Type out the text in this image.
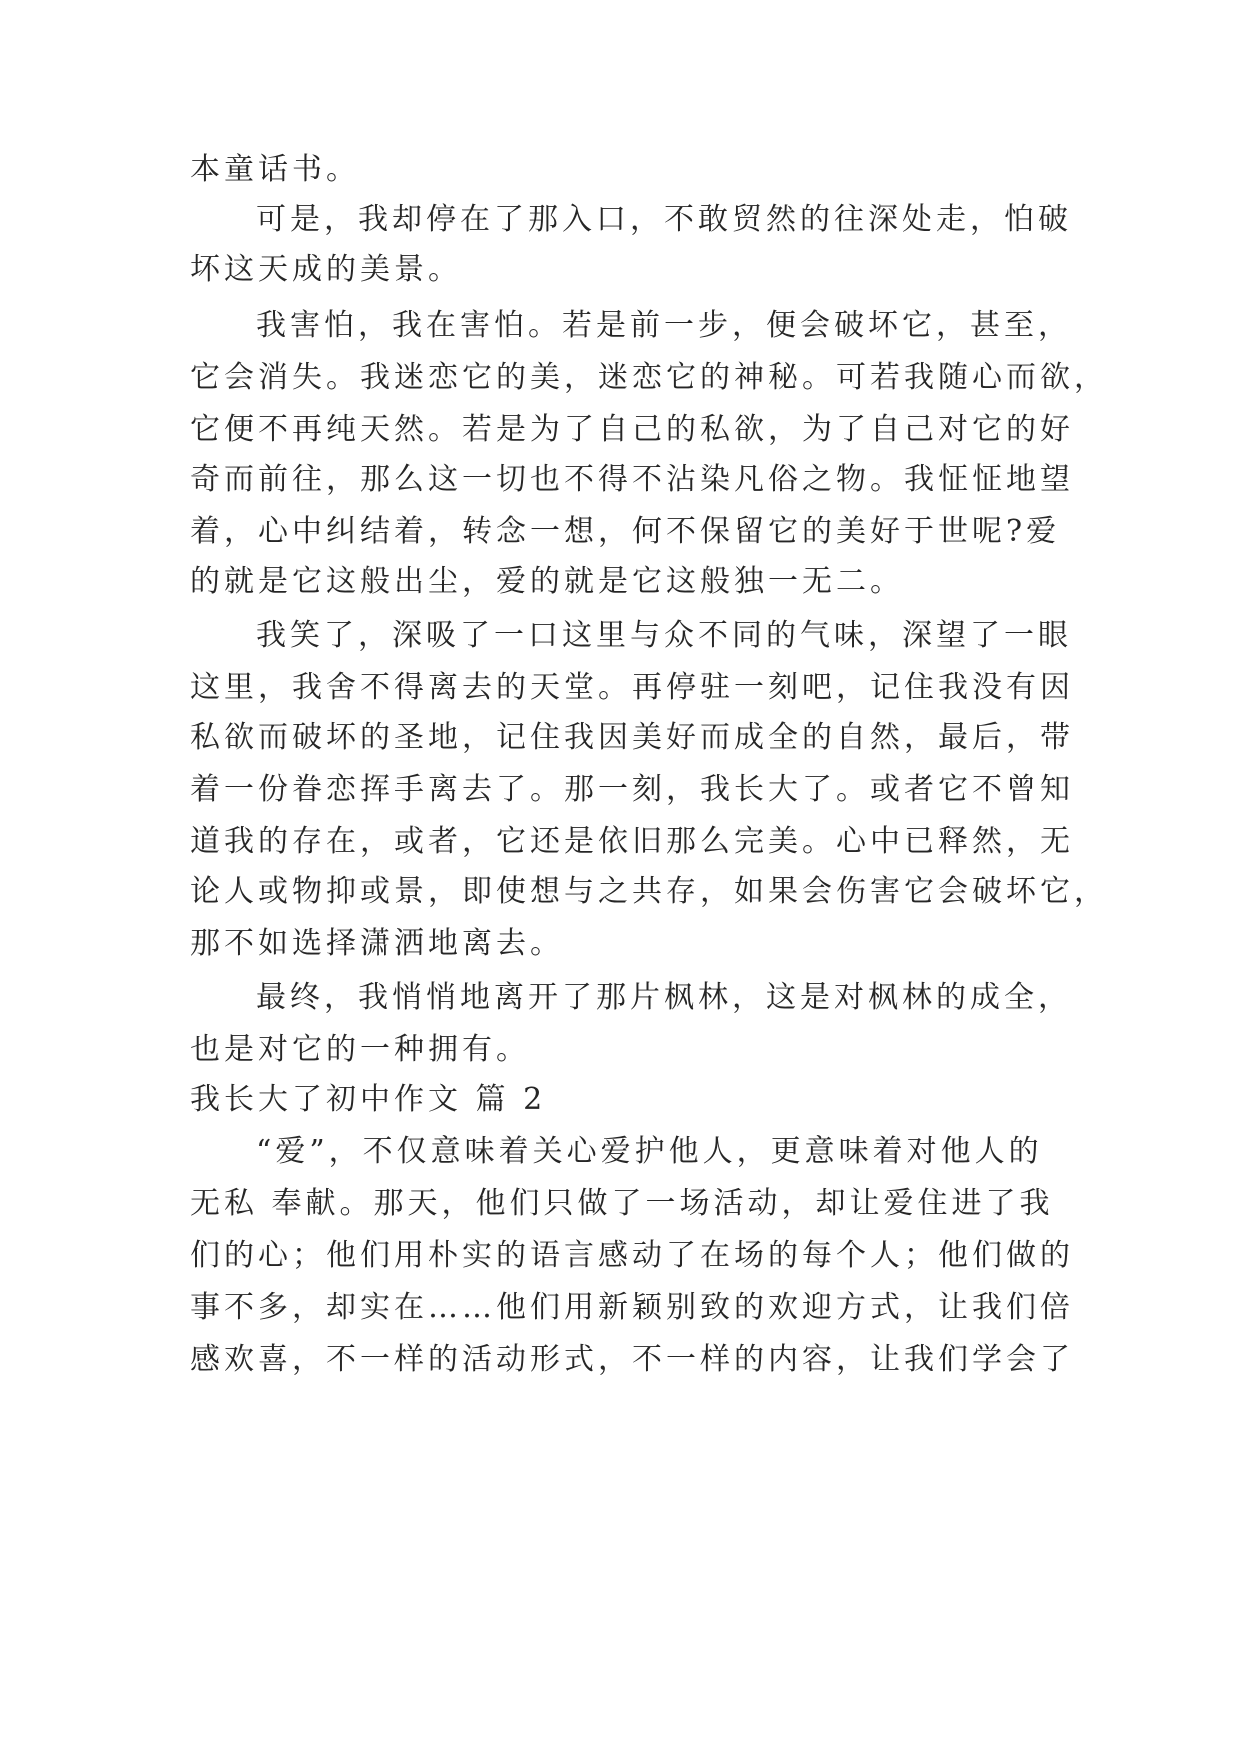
本童话书。

可是，我却停在了那入口，不敢贸然的往深处走，怕破

坏这天成的美景。

我害怕，我在害怕。若是前一步，便会破坏它，甚至，

它会消失。我迷恋它的美，迷恋它的神秘。可若我随心而欲，

它便不再纯天然。若是为了自己的私欲，为了自己对它的好

奇而前往，那么这一切也不得不沾染凡俗之物。我怔怔地望

着，心中纠结着，转念一想，何不保留它的美好于世呢?爱

的就是它这般出尘，爱的就是它这般独一无二。

我笑了，深吸了一口这里与众不同的气味，深望了一眼

这里，我舍不得离去的天堂。再停驻一刻吧，记住我没有因

私欲而破坏的圣地，记住我因美好而成全的自然，最后，带

着一份眷恋挥手离去了。那一刻，我长大了。或者它不曾知

道我的存在，或者，它还是依旧那么完美。心中已释然，无

论人或物抑或景，即使想与之共存，如果会伤害它会破坏它，

那不如选择潇洒地离去。

最终，我悄悄地离开了那片枫林，这是对枫林的成全，

也是对它的一种拥有。

我长大了初中作文 篇 2

“爱”，不仅意味着关心爱护他人，更意味着对他人的

无私 奉献。那天，他们只做了一场活动，却让爱住进了我

们的心；他们用朴实的语言感动了在场的每个人；他们做的

事不多，却实在……他们用新颖别致的欢迎方式，让我们倍

感欢喜，不一样的活动形式，不一样的内容，让我们学会了
